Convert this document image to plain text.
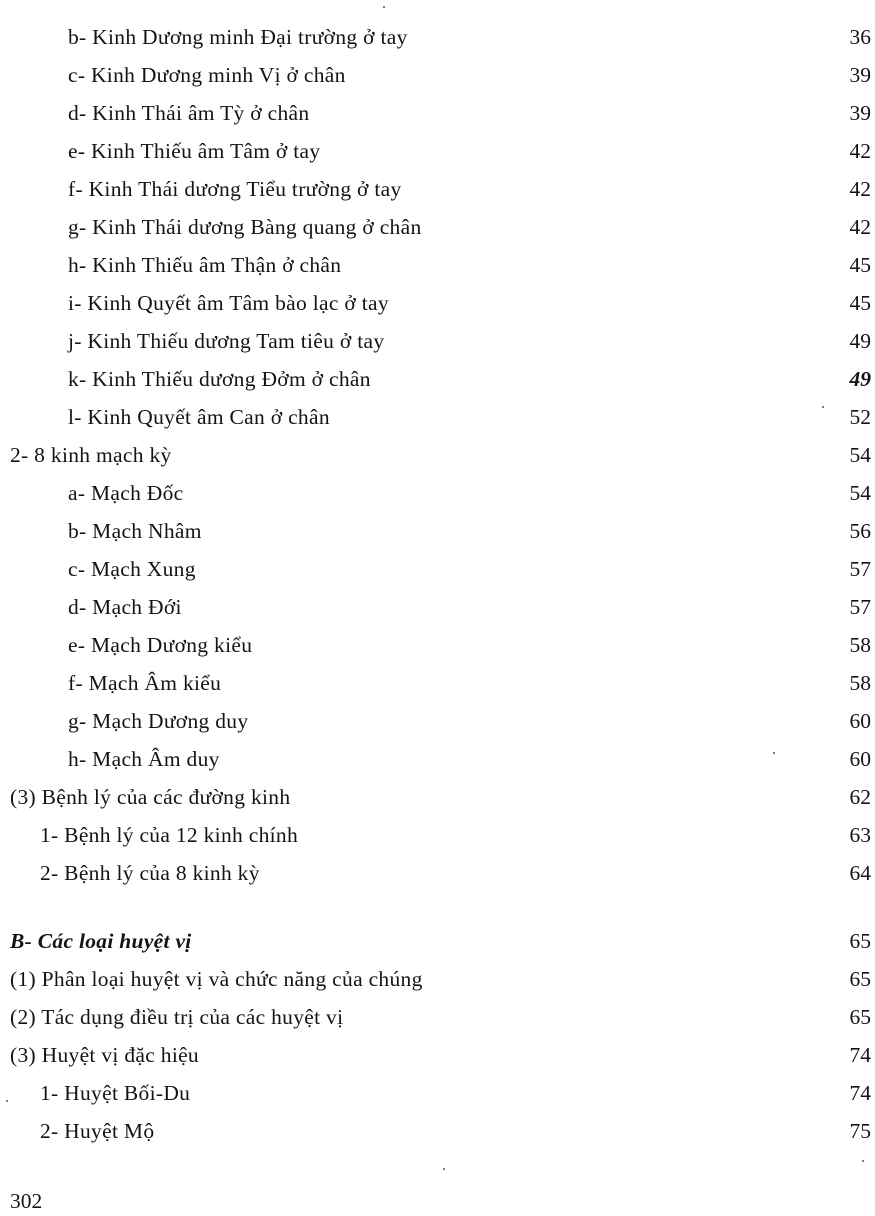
b- Kinh Dương minh Đại trường ở tay	36
c- Kinh Dương minh Vị ở chân	39
d- Kinh Thái âm Tỳ ở chân	39
e- Kinh Thiếu âm Tâm ở tay	42
f- Kinh Thái dương Tiểu trường ở tay	42
g- Kinh Thái dương Bàng quang ở chân	42
h- Kinh Thiếu âm Thận ở chân	45
i- Kinh Quyết âm Tâm bào lạc ở tay	45
j- Kinh Thiếu dương Tam tiêu ở tay	49
k- Kinh Thiếu dương Đởm ở chân	49
l- Kinh Quyết âm Can ở chân	52
2- 8 kinh mạch kỳ	54
a- Mạch Đốc	54
b- Mạch Nhâm	56
c- Mạch Xung	57
d- Mạch Đới	57
e- Mạch Dương kiểu	58
f- Mạch Âm kiểu	58
g- Mạch Dương duy	60
h- Mạch Âm duy	60
(3) Bệnh lý của các đường kinh	62
1- Bệnh lý của 12 kinh chính	63
2- Bệnh lý của 8 kinh kỳ	64
B- Các loại huyệt vị	65
(1) Phân loại huyệt vị và chức năng của chúng	65
(2) Tác dụng điều trị của các huyệt vị	65
(3) Huyệt vị đặc hiệu	74
1- Huyệt Bối-Du	74
2- Huyệt Mộ	75
302
